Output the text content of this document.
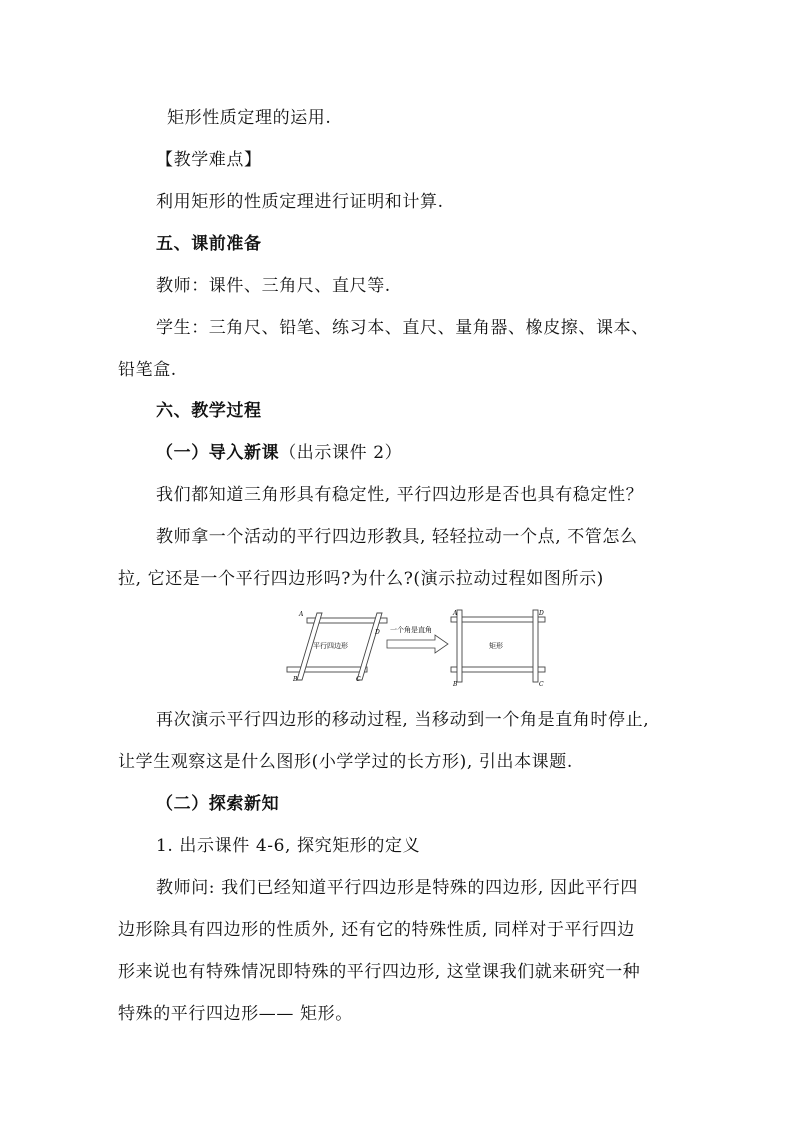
矩形性质定理的运用.
【教学难点】
利用矩形的性质定理进行证明和计算.
五、课前准备
教师：课件、三角尺、直尺等.
学生：三角尺、铅笔、练习本、直尺、量角器、橡皮擦、课本、
铅笔盒.
六、教学过程
（一）导入新课（出示课件 2）
我们都知道三角形具有稳定性, 平行四边形是否也具有稳定性？
教师拿一个活动的平行四边形教具, 轻轻拉动一个点, 不管怎么
拉, 它还是一个平行四边形吗?为什么?(演示拉动过程如图所示)
A
D
B	C
平行四边形
一个角是直角
A	D
B	C
矩形
再次演示平行四边形的移动过程, 当移动到一个角是直角时停止,
让学生观察这是什么图形(小学学过的长方形), 引出本课题.
（二）探索新知
1. 出示课件 4-6, 探究矩形的定义
教师问: 我们已经知道平行四边形是特殊的四边形, 因此平行四
边形除具有四边形的性质外, 还有它的特殊性质, 同样对于平行四边
形来说也有特殊情况即特殊的平行四边形, 这堂课我们就来研究一种
特殊的平行四边形—— 矩形。
